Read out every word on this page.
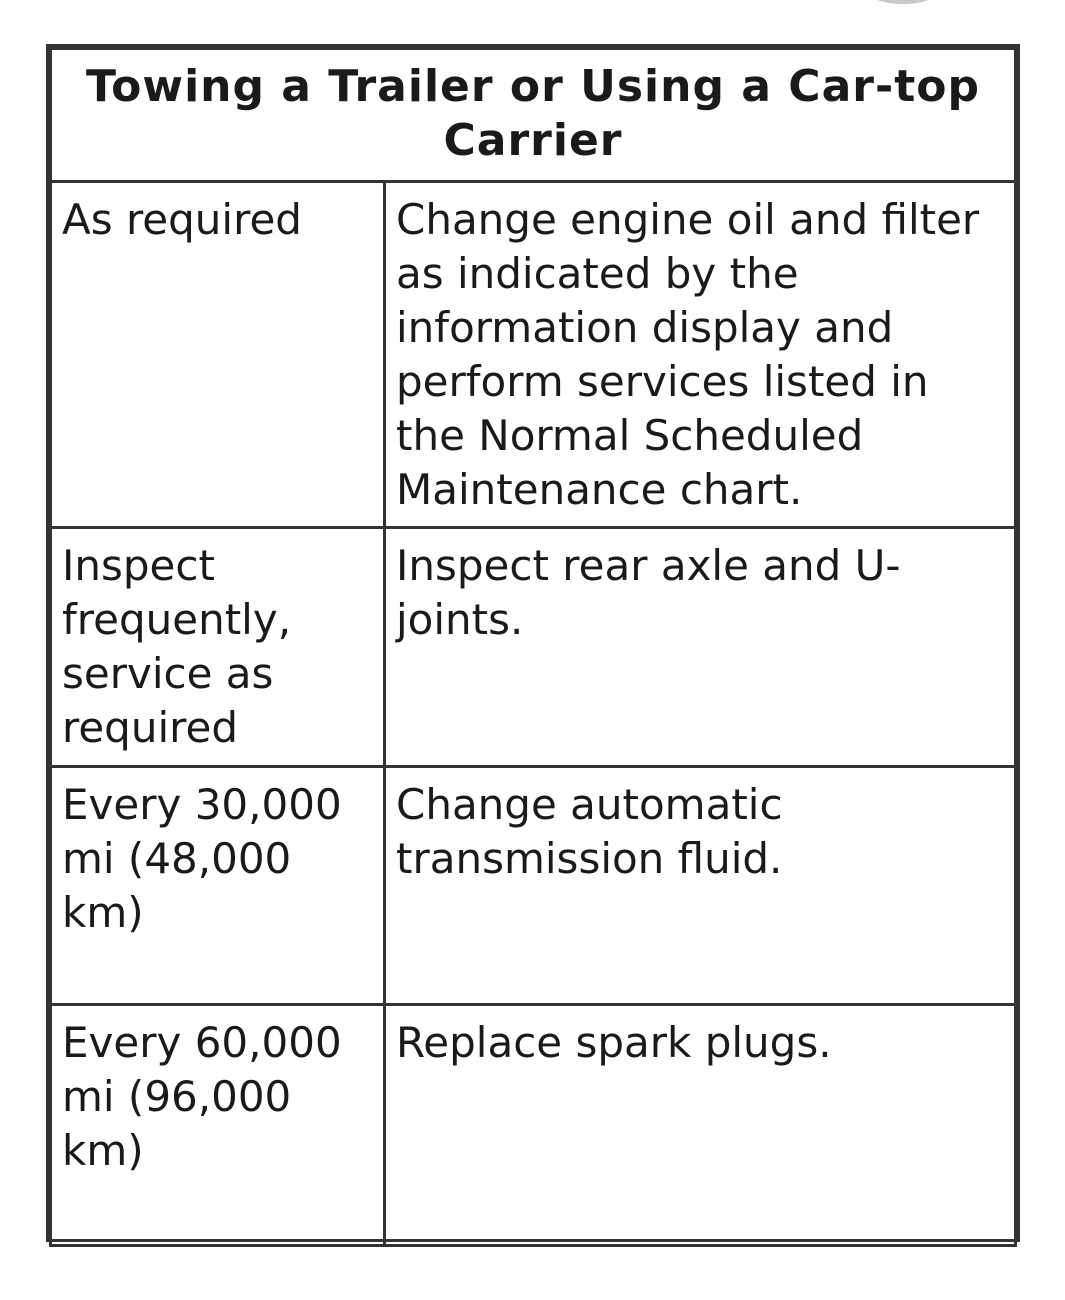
Towing a Trailer or Using a Car-top Carrier	
As required	Change engine oil and filter as indicated by the information display and perform services listed in the Normal Scheduled Maintenance chart.
Inspect frequently, service as required	Inspect rear axle and U-joints.
Every 30,000 mi (48,000 km)	Change automatic transmission fluid.
Every 60,000 mi (96,000 km)	Replace spark plugs.
